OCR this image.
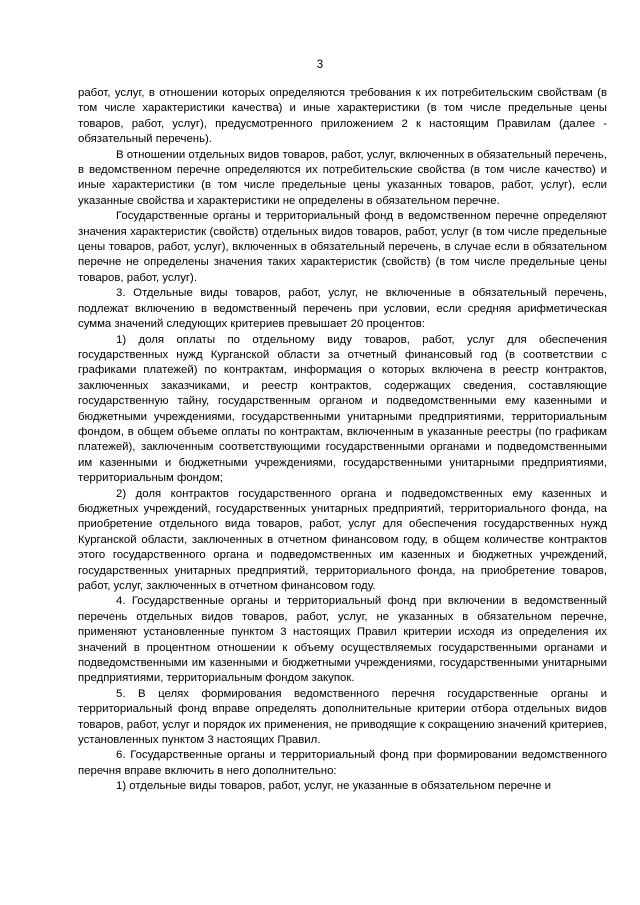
3

работ, услуг, в отношении которых определяются требования к их потребительским свойствам (в том числе характеристики качества) и иные характеристики (в том числе предельные цены товаров, работ, услуг), предусмотренного приложением 2 к настоящим Правилам (далее - обязательный перечень).

В отношении отдельных видов товаров, работ, услуг, включенных в обязательный перечень, в ведомственном перечне определяются их потребительские свойства (в том числе качество) и иные характеристики (в том числе предельные цены указанных товаров, работ, услуг), если указанные свойства и характеристики не определены в обязательном перечне.

Государственные органы и территориальный фонд в ведомственном перечне определяют значения характеристик (свойств) отдельных видов товаров, работ, услуг (в том числе предельные цены товаров, работ, услуг), включенных в обязательный перечень, в случае если в обязательном перечне не определены значения таких характеристик (свойств) (в том числе предельные цены товаров, работ, услуг).

3. Отдельные виды товаров, работ, услуг, не включенные в обязательный перечень, подлежат включению в ведомственный перечень при условии, если средняя арифметическая сумма значений следующих критериев превышает 20 процентов:

1) доля оплаты по отдельному виду товаров, работ, услуг для обеспечения государственных нужд Курганской области за отчетный финансовый год (в соответствии с графиками платежей) по контрактам, информация о которых включена в реестр контрактов, заключенных заказчиками, и реестр контрактов, содержащих сведения, составляющие государственную тайну, государственным органом и подведомственными ему казенными и бюджетными учреждениями, государственными унитарными предприятиями, территориальным фондом, в общем объеме оплаты по контрактам, включенным в указанные реестры (по графикам платежей), заключенным соответствующими государственными органами и подведомственными им казенными и бюджетными учреждениями, государственными унитарными предприятиями, территориальным фондом;

2) доля контрактов государственного органа и подведомственных ему казенных и бюджетных учреждений, государственных унитарных предприятий, территориального фонда, на приобретение отдельного вида товаров, работ, услуг для обеспечения государственных нужд Курганской области, заключенных в отчетном финансовом году, в общем количестве контрактов этого государственного органа и подведомственных им казенных и бюджетных учреждений, государственных унитарных предприятий, территориального фонда, на приобретение товаров, работ, услуг, заключенных в отчетном финансовом году.

4. Государственные органы и территориальный фонд при включении в ведомственный перечень отдельных видов товаров, работ, услуг, не указанных в обязательном перечне, применяют установленные пунктом 3 настоящих Правил критерии исходя из определения их значений в процентном отношении к объему осуществляемых государственными органами и подведомственными им казенными и бюджетными учреждениями, государственными унитарными предприятиями, территориальным фондом закупок.

5. В целях формирования ведомственного перечня государственные органы и территориальный фонд вправе определять дополнительные критерии отбора отдельных видов товаров, работ, услуг и порядок их применения, не приводящие к сокращению значений критериев, установленных пунктом 3 настоящих Правил.

6. Государственные органы и территориальный фонд при формировании ведомственного перечня вправе включить в него дополнительно:

1) отдельные виды товаров, работ, услуг, не указанные в обязательном перечне и
